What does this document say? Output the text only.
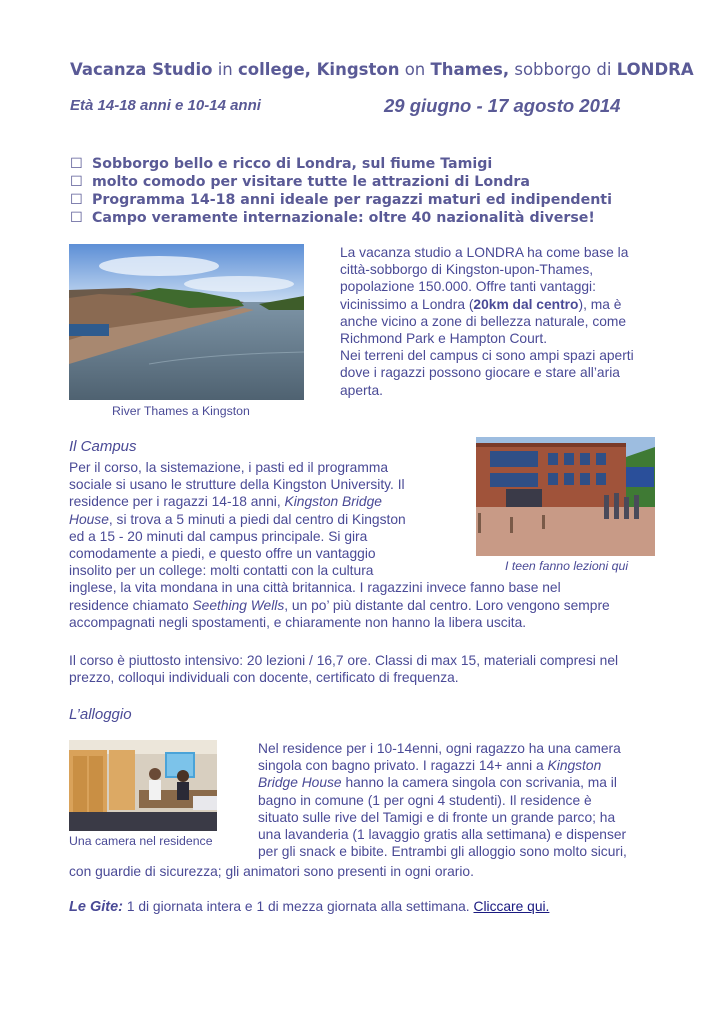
Vacanza Studio in college, Kingston on Thames, sobborgo di LONDRA
Età 14-18 anni e 10-14 anni	29 giugno - 17 agosto 2014
☐ Sobborgo bello e ricco di Londra, sul fiume Tamigi
☐ molto comodo per visitare tutte le attrazioni di Londra
☐ Programma 14-18 anni ideale per ragazzi maturi ed indipendenti
☐ Campo veramente internazionale: oltre 40 nazionalità diverse!
River Thames a Kingston
La vacanza studio a LONDRA ha come base la
città-sobborgo di Kingston-upon-Thames,
popolazione 150.000. Offre tanti vantaggi:
vicinissimo a Londra (20km dal centro), ma è
anche vicino a zone di bellezza naturale, come
Richmond Park e Hampton Court.
Nei terreni del campus ci sono ampi spazi aperti
dove i ragazzi possono giocare e stare all’aria
aperta.
Il Campus
I teen fanno lezioni qui
Per il corso, la sistemazione, i pasti ed il programma
sociale si usano le strutture della Kingston University. Il
residence per i ragazzi 14-18 anni, Kingston Bridge
House, si trova a 5 minuti a piedi dal centro di Kingston
ed a 15 - 20 minuti dal campus principale. Si gira
comodamente a piedi, e questo offre un vantaggio
insolito per un college: molti contatti con la cultura
inglese, la vita mondana in una città britannica. I ragazzini invece fanno base nel
residence chiamato Seething Wells, un po’ più distante dal centro. Loro vengono sempre
accompagnati negli spostamenti, e chiaramente non hanno la libera uscita.
Il corso è piuttosto intensivo: 20 lezioni / 16,7 ore. Classi di max 15, materiali compresi nel
prezzo, colloqui individuali con docente, certificato di frequenza.
L’alloggio
Una camera nel residence
Nel residence per i 10-14enni, ogni ragazzo ha una camera
singola con bagno privato. I ragazzi 14+ anni a Kingston
Bridge House hanno la camera singola con scrivania, ma il
bagno in comune (1 per ogni 4 studenti). Il residence è
situato sulle rive del Tamigi e di fronte un grande parco; ha
una lavanderia (1 lavaggio gratis alla settimana) e dispenser
per gli snack e bibite. Entrambi gli alloggio sono molto sicuri,
con guardie di sicurezza; gli animatori sono presenti in ogni orario.
Le Gite: 1 di giornata intera e 1 di mezza giornata alla settimana. Cliccare qui.
